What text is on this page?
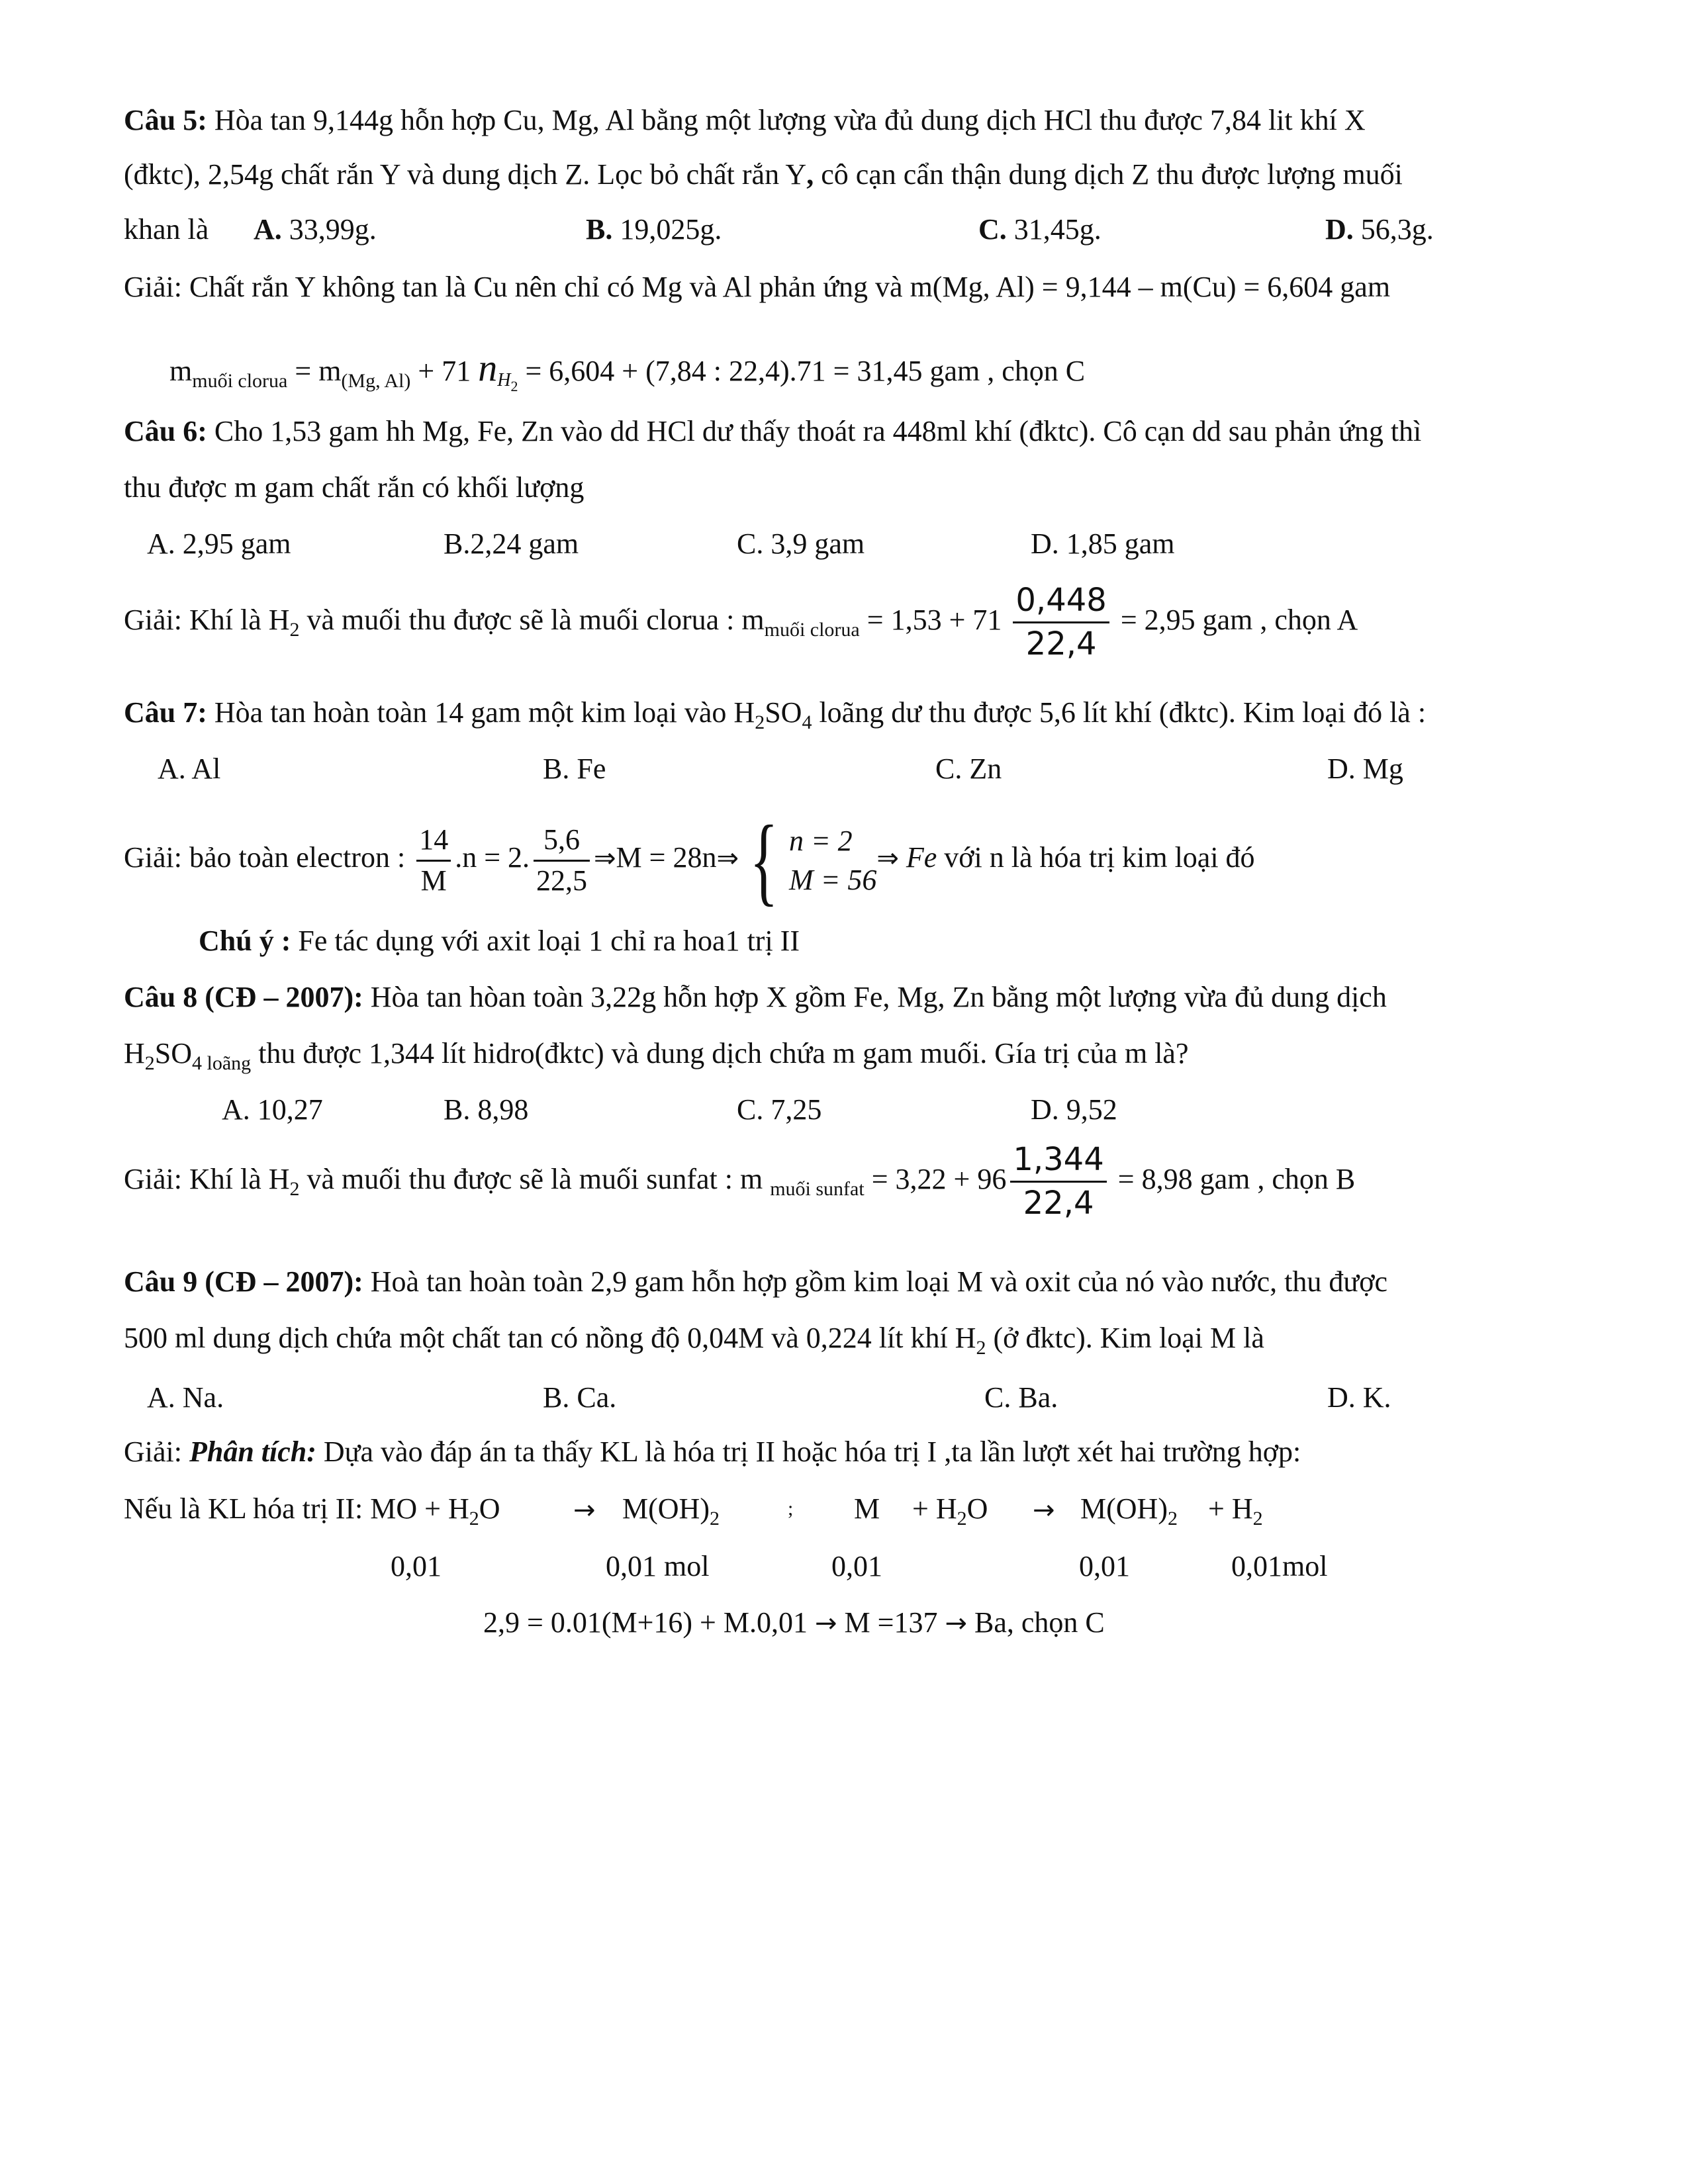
Câu 5: Hòa tan 9,144g hỗn hợp Cu, Mg, Al bằng một lượng vừa đủ dung dịch HCl thu được 7,84 lit khí X
(đktc), 2,54g chất rắn Y và dung dịch Z. Lọc bỏ chất rắn Y, cô cạn cẩn thận dung dịch Z thu được lượng muối
khan là A. 33,99g.	B. 19,025g.	C. 31,45g.	D. 56,3g.
Giải: Chất rắn Y không tan là Cu nên chỉ có Mg và Al phản ứng và m(Mg, Al) = 9,144 – m(Cu) = 6,604 gam
$m_{muối clorua} = m_{(Mg, Al)} + 71$ $n_{H2} = 6,604 + (7,84$ : 22,4).71 = 31,45 gam , chọn C
Câu 6: Cho 1,53 gam hh Mg, Fe, Zn vào dd HCl dư thấy thoát ra 448ml khí (đktc). Cô cạn dd sau phản ứng thì
thu được m gam chất rắn có khối lượng
A. 2,95 gam	B.2,24 gam	C. 3,9 gam	D. 1,85 gam
Giải: Khí là $H_2$ và muối thu được sẽ là muối clorua : $m_{muối clorua} = 1,53 + 71 \frac{0,448}{22,4} = 2,95$ gam , chọn A
Câu 7: Hòa tan hoàn toàn 14 gam một kim loại vào $H_2SO_4$ loãng dư thu được 5,6 lít khí (đktc). Kim loại đó là :
A. Al	B. Fe	C. Zn	D. Mg
Giải: bảo toàn electron : $\frac{14}{M} .n = 2$. $\frac{5,6}{22,5}$ ⇒M = 28n⇒ { n = 2
M = 56
⇒ Fe với n là hóa trị kim loại đó
Chú ý : Fe tác dụng với axit loại 1 chỉ ra hoa1 trị II
Câu 8 (CĐ – 2007): Hòa tan hòan toàn 3,22g hỗn hợp X gồm Fe, Mg, Zn bằng một lượng vừa đủ dung dịch
$H_2SO_{4 loãng}$ thu được 1,344 lít hidro(đktc) và dung dịch chứa m gam muối. Gía trị của m là?
A. 10,27	B. 8,98	C. 7,25	D. 9,52
Giải: Khí là $H_2$ và muối thu được sẽ là muối sunfat : m $_{muối sunfat} = 3,22 + 96 \frac{1,344}{22,4} = 8,98$ gam , chọn B
Câu 9 (CĐ – 2007): Hoà tan hoàn toàn 2,9 gam hỗn hợp gồm kim loại M và oxit của nó vào nước, thu được
500 ml dung dịch chứa một chất tan có nồng độ 0,04M và 0,224 lít khí $H_2$ (ở đktc). Kim loại M là
A. Na.	B. Ca.	C. Ba.	D. K.
Giải: Phân tích: Dựa vào đáp án ta thấy KL là hóa trị II hoặc hóa trị I ,ta lần lượt xét hai trường hợp:
Nếu là KL hóa trị II: MO + $H_2O$	→ $M(OH)_2$	; $M + H_2O \to M(OH)_2 + H_2$
0,01	0,01 mol	0,01	0,01	0,01mol
2,9 = 0.01(M+16) + M.0,01 → M =137 → Ba, chọn C
